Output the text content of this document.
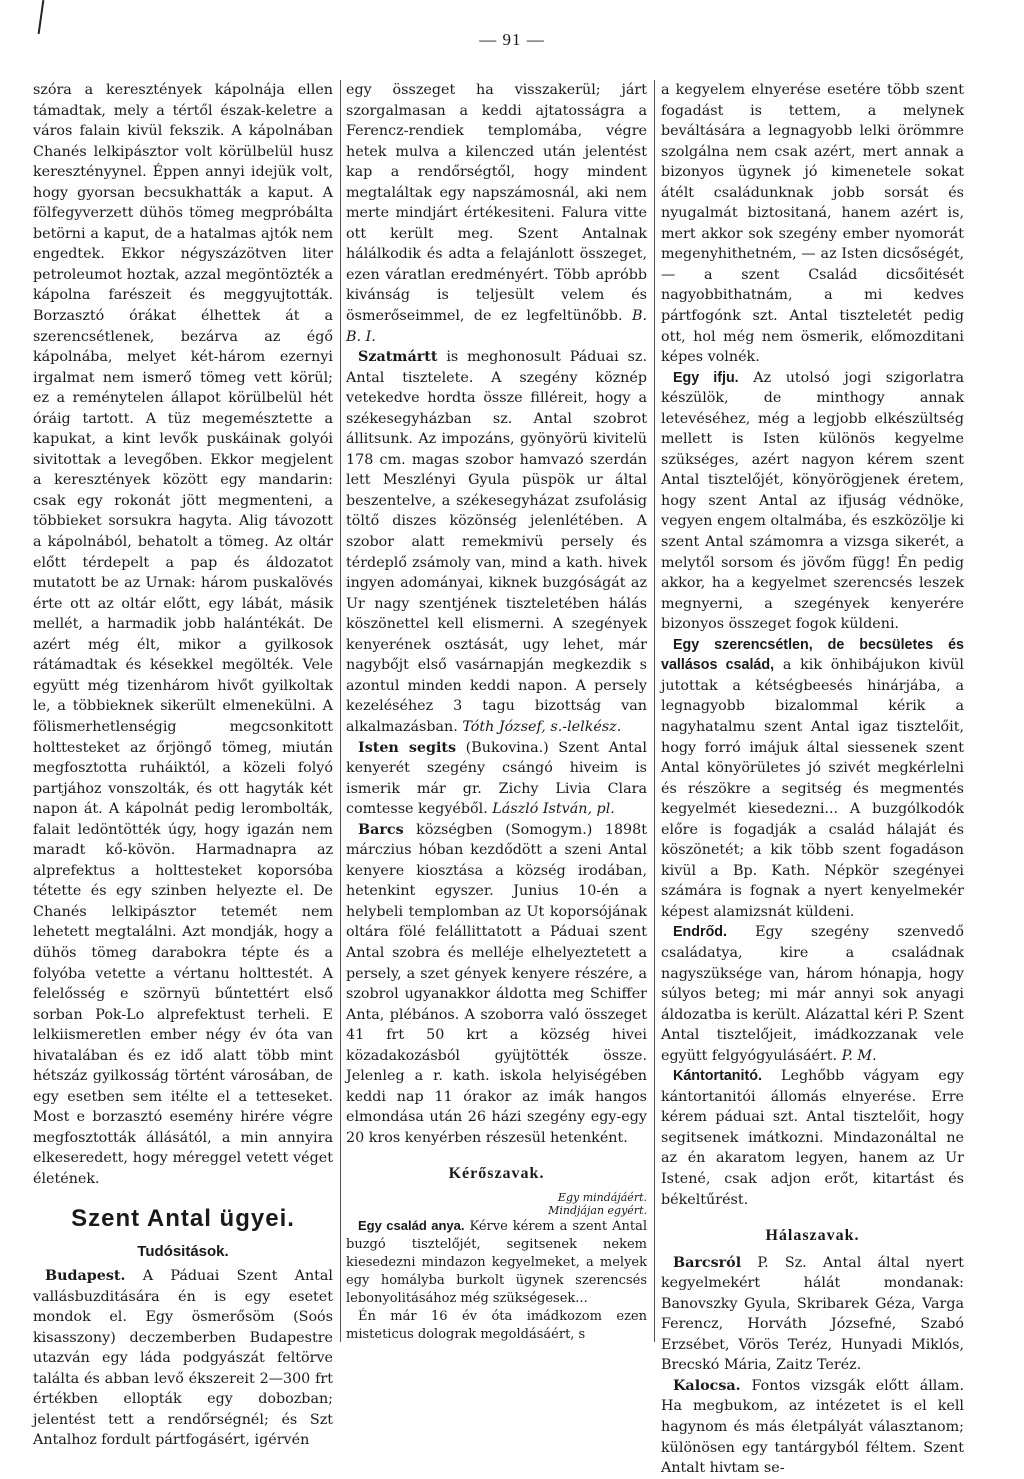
— 91 —

szóra a keresztények kápolnája ellen támadtak, mely a tértől észak-keletre a város falain kivül fekszik. A kápolnában Chanés lelkipásztor volt körülbelül husz keresztényynel. Éppen annyi idejük volt, hogy gyorsan becsukhatták a kaput. A fölfegyverzett dühös tömeg megpróbálta betörni a kaput, de a hatalmas ajtók nem engedtek. Ekkor négyszázötven liter petroleumot hoztak, azzal megöntözték a kápolna farészeit és meggyujtották. Borzasztó órákat élhettek át a szerencsétlenek, bezárva az égő kápolnába, melyet két-három ezernyi irgalmat nem ismerő tömeg vett körül; ez a reménytelen állapot körülbelül hét óráig tartott. A tüz megemésztette a kapukat, a kint levők puskáinak golyói sivitottak a levegőben. Ekkor megjelent a keresztények között egy mandarin: csak egy rokonát jött megmenteni, a többieket sorsukra hagyta. Alig távozott a kápolnából, behatolt a tömeg. Az oltár előtt térdepelt a pap és áldozatot mutatott be az Urnak: három puskalövés érte ott az oltár előtt, egy lábát, másik mellét, a harmadik jobb halántékát. De azért még élt, mikor a gyilkosok rátámadtak és késekkel megölték. Vele együtt még tizenhárom hivőt gyilkoltak le, a többieknek sikerült elmenekülni. A fölismerhetlenségig megcsonkitott holttesteket az őrjöngő tömeg, miután megfosztotta ruháiktól, a közeli folyó partjához vonszolták, és ott hagyták két napon át. A kápolnát pedig lerombolták, falait ledöntötték úgy, hogy igazán nem maradt kő-kövön. Harmadnapra az alprefektus a holttesteket koporsóba tétette és egy szinben helyezte el. De Chanés lelkipásztor tetemét nem lehetett megtalálni. Azt mondják, hogy a dühös tömeg darabokra tépte és a folyóba vetette a vértanu holttestét. A felelősség e szörnyü bűntettért első sorban Pok-Lo alprefektust terheli. E lelkiismeretlen ember négy év óta van hivatalában és ez idő alatt több mint hétszáz gyilkosság történt városában, de egy esetben sem itélte el a tetteseket. Most e borzasztó esemény hirére végre megfosztották állásától, a min annyira elkeseredett, hogy méreggel vetett véget életének.

Szent Antal ügyei.
Tudósitások.

Budapest. A Páduai Szent Antal vallásbuzditására én is egy esetet mondok el. Egy ösmerősöm (Soós kisasszony) deczemberben Budapestre utazván egy láda podgyászát feltörve találta és abban levő ékszereit 2—300 frt értékben ellopták egy dobozban; jelentést tett a rendőrségnél; és Szt Antalhoz fordult pártfogásért, igérvén

egy összeget ha visszakerül; járt szorgalmasan a keddi ajtatosságra a Ferencz-rendiek templomába, végre hetek mulva a kilenczed után jelentést kap a rendőrségtől, hogy mindent megtaláltak egy napszámosnál, aki nem merte mindjárt értékesiteni. Falura vitte ott került meg. Szent Antalnak hálálkodik és adta a felajánlott összeget, ezen váratlan eredményért. Több apróbb kivánság is teljesült velem és ösmerőseimmel, de ez legfeltünőbb. B. B. I.

Szatmártt is meghonosult Páduai sz. Antal tisztelete. A szegény köznép vetekedve hordta össze filléreit, hogy a székesegyházban sz. Antal szobrot állitsunk. Az impozáns, gyönyörü kivitelü 178 cm. magas szobor hamvazó szerdán lett Meszlényi Gyula püspök ur által beszentelve, a székesegyházat zsufolásig töltő diszes közönség jelenlétében. A szobor alatt remekmivü persely és térdeplő zsámoly van, mind a kath. hivek ingyen adományai, kiknek buzgóságát az Ur nagy szentjének tiszteletében hálás köszönettel kell elismerni. A szegények kenyerének osztását, ugy lehet, már nagybőjt első vasárnapján megkezdik s azontul minden keddi napon. A persely kezeléséhez 3 tagu bizottság van alkalmazásban. Tóth József, s.-lelkész.

Isten segits (Bukovina.) Szent Antal kenyerét szegény csángó hiveim is ismerik már gr. Zichy Livia Clara comtesse kegyéből. László István, pl.

Barcs községben (Somogym.) 1898t márczius hóban kezdődött a szeni Antal kenyere kiosztása a község irodában, hetenkint egyszer. Junius 10-én a helybeli templomban az Ut koporsójának oltára fölé felállittatott a Páduai szent Antal szobra és melléje elhelyeztetett a persely, a szet gények kenyere részére, a szobrol ugyanakkor áldotta meg Schiffer Anta, plébános. A szoborra való összeget 41 frt 50 krt a község hivei közadakozásból gyüjtötték össze. Jelenleg a r. kath. iskola helyiségében keddi nap 11 órakor az imák hangos elmondása után 26 házi szegény egy-egy 20 kros kenyérben részesül hetenként.

Kérőszavak.

Egy mindájáért.
Mindjájan egyért.

Egy család anya. Kérve kérem a szent Antal buzgó tisztelőjét, segitsenek nekem kiesedezni mindazon kegyelmeket, a melyek egy homályba burkolt ügynek szerencsés lebonyolitásához még szükségesek...

Én már 16 év óta imádkozom ezen misteticus dolograk megoldásáért, s

a kegyelem elnyerése esetére több szent fogadást is tettem, a melynek beváltására a legnagyobb lelki örömmre szolgálna nem csak azért, mert annak a bizonyos ügynek jó kimenetele sokat átélt családunknak jobb sorsát és nyugalmát biztositaná, hanem azért is, mert akkor sok szegény ember nyomorát megenyhithetném, — az Isten dicsőségét, — a szent Család dicsőitését nagyobbithatnám, a mi kedves pártfogónk szt. Antal tiszteletét pedig ott, hol még nem ösmerik, előmozditani képes volnék.

Egy ifju. Az utolsó jogi szigorlatra készülök, de minthogy annak letevéséhez, még a legjobb elkészültség mellett is Isten különös kegyelme szükséges, azért nagyon kérem szent Antal tisztelőjét, könyörögjenek éretem, hogy szent Antal az ifjuság védnöke, vegyen engem oltalmába, és eszközölje ki szent Antal számomra a vizsga sikerét, a melytől sorsom és jövőm függ! Én pedig akkor, ha a kegyelmet szerencsés leszek megnyerni, a szegények kenyerére bizonyos összeget fogok küldeni.

Egy szerencsétlen, de becsületes és vallásos család, a kik önhibájukon kivül jutottak a kétségbeesés hinárjába, a legnagyobb bizalommal kérik a nagyhatalmu szent Antal igaz tisztelőit, hogy forró imájuk által siessenek szent Antal könyörületes jó szivét megkérlelni és részökre a segitség és megmentés kegyelmét kiesedezni... A buzgólkodók előre is fogadják a család hálaját és köszönetét; a kik több szent fogadáson kivül a Bp. Kath. Népkör szegényei számára is fognak a nyert kenyelmekér képest alamizsnát küldeni.

Endrőd. Egy szegény szenvedő családatya, kire a családnak nagyszüksége van, három hónapja, hogy súlyos beteg; mi már annyi sok anyagi áldozatba is került. Alázattal kéri P. Szent Antal tisztelőjeit, imádkozzanak vele együtt felgyógyulásáért. P. M.

Kántortanitó. Leghőbb vágyam egy kántortanitói állomás elnyerése. Erre kérem páduai szt. Antal tisztelőit, hogy segitsenek imátkozni. Mindazonáltal ne az én akaratom legyen, hanem az Ur Istené, csak adjon erőt, kitartást és békeltűrést.

Hálaszavak.

Barcsról P. Sz. Antal által nyert kegyelmekért hálát mondanak: Banovszky Gyula, Skribarek Géza, Varga Ferencz, Horváth Józsefné, Szabó Erzsébet, Vörös Teréz, Hunyadi Miklós, Brecskó Mária, Zaitz Teréz.

Kalocsa. Fontos vizsgák előtt állam. Ha megbukom, az intézetet is el kell hagynom és más életpályát választanom; különösen egy tantárgyból féltem. Szent Antalt hivtam se-
